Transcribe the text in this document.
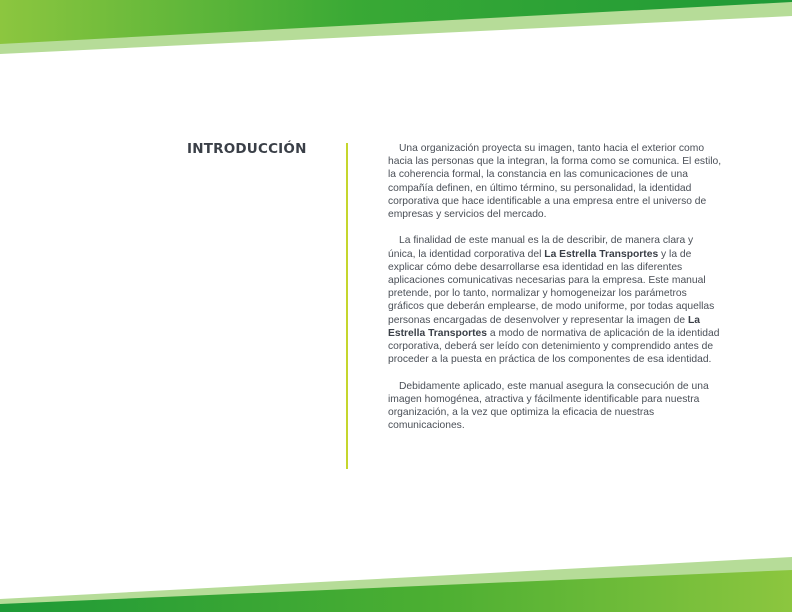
INTRODUCCIÓN	Una organización proyecta su imagen, tanto hacia el exterior como hacia las personas que la integran, la forma como se comunica. El estilo, la coherencia formal, la constancia en las comunicaciones de una compañía definen, en último término, su personalidad, la identidad corporativa que hace identificable a una empresa entre el universo de empresas y servicios del mercado.

La finalidad de este manual es la de describir, de manera clara y única, la identidad corporativa del La Estrella Transportes y la de explicar cómo debe desarrollarse esa identidad en las diferentes aplicaciones comunicativas necesarias para la empresa. Este manual pretende, por lo tanto, normalizar y homogeneizar los parámetros gráficos que deberán emplearse, de modo uniforme, por todas aquellas personas encargadas de desenvolver y representar la imagen de La Estrella Transportes a modo de normativa de aplicación de la identidad corporativa, deberá ser leído con detenimiento y comprendido antes de proceder a la puesta en práctica de los componentes de esa identidad.

Debidamente aplicado, este manual asegura la consecución de una imagen homogénea, atractiva y fácilmente identificable para nuestra organización, a la vez que optimiza la eficacia de nuestras comunicaciones.
